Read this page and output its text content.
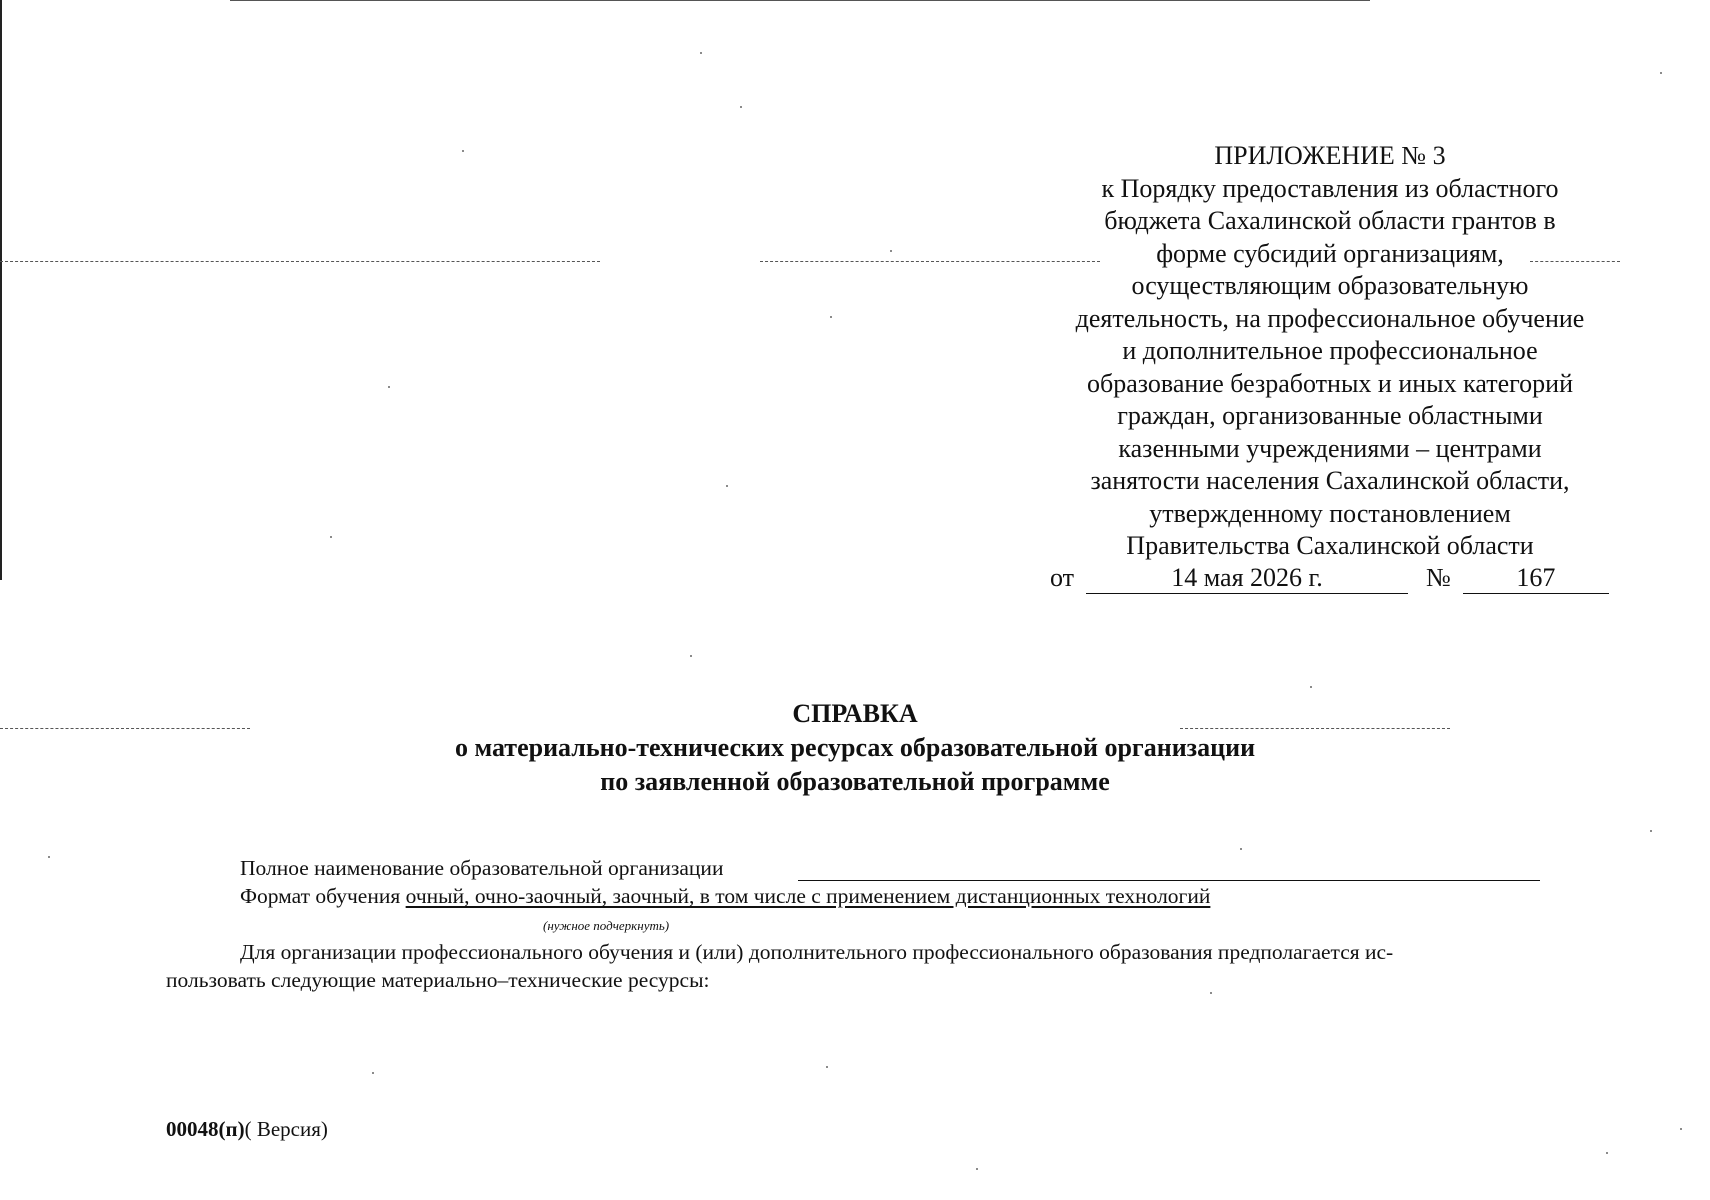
ПРИЛОЖЕНИЕ № 3
к Порядку предоставления из областного
бюджета Сахалинской области грантов в
форме субсидий организациям,
осуществляющим образовательную
деятельность, на профессиональное обучение
и дополнительное профессиональное
образование безработных и иных категорий
граждан, организованные областными
казенными учреждениями – центрами
занятости населения Сахалинской области,
утвержденному постановлением
Правительства Сахалинской области
от	14 мая 2026 г.	№	167
СПРАВКА
о материально-технических ресурсах образовательной организации
по заявленной образовательной программе
Полное наименование образовательной организации
Формат обучения очный, очно-заочный, заочный, в том числе с применением дистанционных технологий
(нужное подчеркнуть)
Для организации профессионального обучения и (или) дополнительного профессионального образования предполагается ис-
пользовать следующие материально–технические ресурсы:
00048(п)( Версия)
